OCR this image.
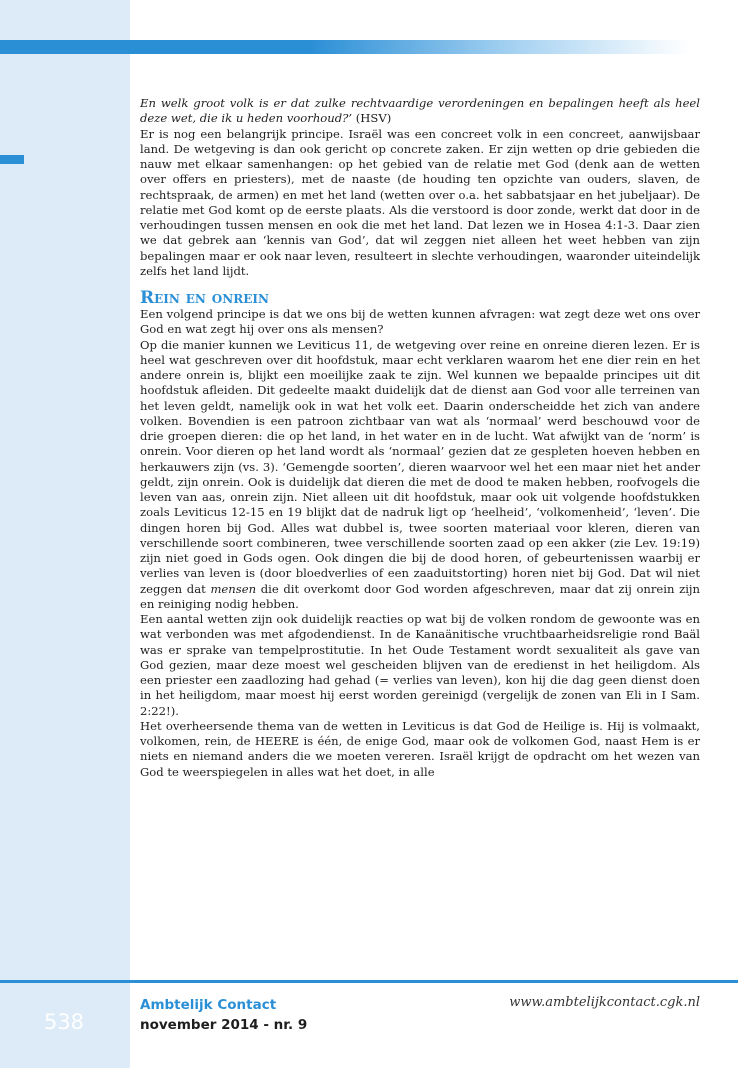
En welk groot volk is er dat zulke rechtvaardige verordeningen en bepalingen heeft als heel deze wet, die ik u heden voorhoud?’ (HSV)

Er is nog een belangrijk principe. Israël was een concreet volk in een concreet, aanwijsbaar land. De wetgeving is dan ook gericht op concrete zaken. Er zijn wetten op drie gebieden die nauw met elkaar samenhangen: op het gebied van de relatie met God (denk aan de wetten over offers en priesters), met de naaste (de houding ten opzichte van ouders, slaven, de rechtspraak, de armen) en met het land (wetten over o.a. het sabbatsjaar en het jubeljaar). De relatie met God komt op de eerste plaats. Als die verstoord is door zonde, werkt dat door in de verhoudingen tussen mensen en ook die met het land. Dat lezen we in Hosea 4:1-3. Daar zien we dat gebrek aan ‘kennis van God’, dat wil zeggen niet alleen het weet hebben van zijn bepalingen maar er ook naar leven, resulteert in slechte verhoudingen, waaronder uiteindelijk zelfs het land lijdt.

Rein en onrein

Een volgend principe is dat we ons bij de wetten kunnen afvragen: wat zegt deze wet ons over God en wat zegt hij over ons als mensen?

Op die manier kunnen we Leviticus 11, de wetgeving over reine en onreine dieren lezen. Er is heel wat geschreven over dit hoofdstuk, maar echt verklaren waarom het ene dier rein en het andere onrein is, blijkt een moeilijke zaak te zijn. Wel kunnen we bepaalde principes uit dit hoofdstuk afleiden. Dit gedeelte maakt duidelijk dat de dienst aan God voor alle terreinen van het leven geldt, namelijk ook in wat het volk eet. Daarin onderscheidde het zich van andere volken. Bovendien is een patroon zichtbaar van wat als ‘normaal’ werd beschouwd voor de drie groepen dieren: die op het land, in het water en in de lucht. Wat afwijkt van de ‘norm’ is onrein. Voor dieren op het land wordt als ‘normaal’ gezien dat ze gespleten hoeven hebben en herkauwers zijn (vs. 3). ‘Gemengde soorten’, dieren waarvoor wel het een maar niet het ander geldt, zijn onrein. Ook is duidelijk dat dieren die met de dood te maken hebben, roofvogels die leven van aas, onrein zijn. Niet alleen uit dit hoofdstuk, maar ook uit volgende hoofdstukken zoals Leviticus 12-15 en 19 blijkt dat de nadruk ligt op ‘heelheid’, ‘volkomenheid’, ‘leven’. Die dingen horen bij God. Alles wat dubbel is, twee soorten materiaal voor kleren, dieren van verschillende soort combineren, twee verschillende soorten zaad op een akker (zie Lev. 19:19) zijn niet goed in Gods ogen. Ook dingen die bij de dood horen, of gebeurtenissen waarbij er verlies van leven is (door bloedverlies of een zaaduitstorting) horen niet bij God. Dat wil niet zeggen dat mensen die dit overkomt door God worden afgeschreven, maar dat zij onrein zijn en reiniging nodig hebben.

Een aantal wetten zijn ook duidelijk reacties op wat bij de volken rondom de gewoonte was en wat verbonden was met afgodendienst. In de Kanaänitische vruchtbaarheidsreligie rond Baäl was er sprake van tempelprostitutie. In het Oude Testament wordt sexualiteit als gave van God gezien, maar deze moest wel gescheiden blijven van de eredienst in het heiligdom. Als een priester een zaadlozing had gehad (= verlies van leven), kon hij die dag geen dienst doen in het heiligdom, maar moest hij eerst worden gereinigd (vergelijk de zonen van Eli in I Sam. 2:22!).

Het overheersende thema van de wetten in Leviticus is dat God de Heilige is. Hij is volmaakt, volkomen, rein, de HEERE is één, de enige God, maar ook de volkomen God, naast Hem is er niets en niemand anders die we moeten vereren. Israël krijgt de opdracht om het wezen van God te weerspiegelen in alles wat het doet, in alle

538
Ambtelijk Contact
november 2014 - nr. 9
www.ambtelijkcontact.cgk.nl
